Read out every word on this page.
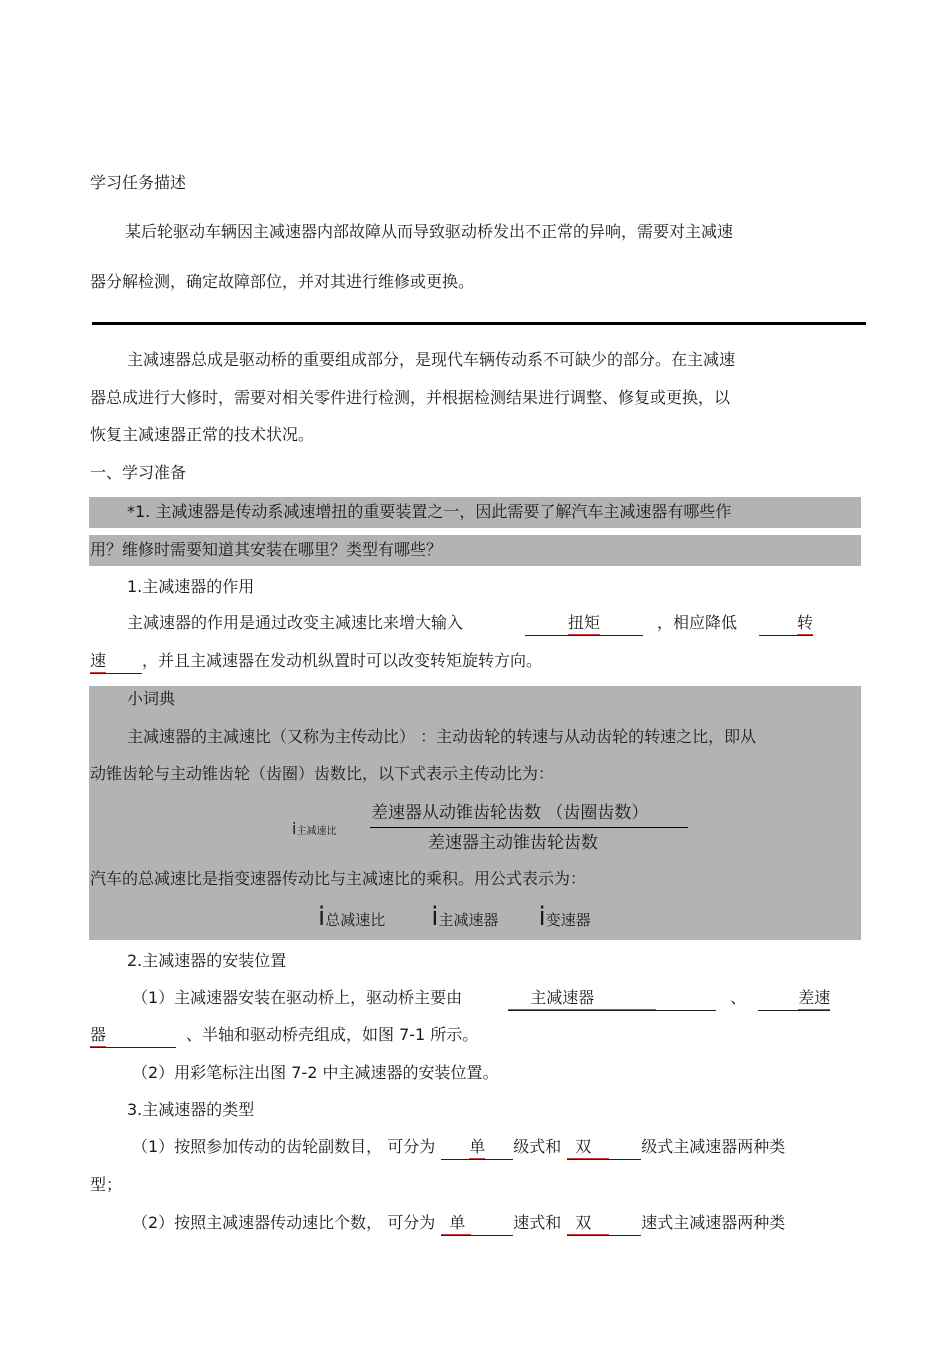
学习任务描述
某后轮驱动车辆因主减速器内部故障从而导致驱动桥发出不正常的异响，需要对主减速
器分解检测，确定故障部位，并对其进行维修或更换。
主减速器总成是驱动桥的重要组成部分，是现代车辆传动系不可缺少的部分。在主减速
器总成进行大修时，需要对相关零件进行检测，并根据检测结果进行调整、修复或更换，以
恢复主减速器正常的技术状况。
一、学习准备
*1. 主减速器是传动系减速增扭的重要装置之一，因此需要了解汽车主减速器有哪些作
用？维修时需要知道其安装在哪里？类型有哪些？
1.主减速器的作用
主减速器的作用是通过改变主减速比来增大输入	扭矩	，相应降低	转
速 ，并且主减速器在发动机纵置时可以改变转矩旋转方向。
小词典
主减速器的主减速比（又称为主传动比） ：主动齿轮的转速与从动齿轮的转速之比，即从
动锥齿轮与主动锥齿轮（齿圈）齿数比，以下式表示主传动比为：
i主减速比
差速器从动锥齿轮齿数 （齿圈齿数）
差速器主动锥齿轮齿数
汽车的总减速比是指变速器传动比与主减速比的乘积。用公式表示为：
i总减速比 i主减速器 i变速器
2.主减速器的安装位置
（1）主减速器安装在驱动桥上，驱动桥主要由	主减速器	、	差速
器	、半轴和驱动桥壳组成，如图 7-1 所示。
（2）用彩笔标注出图 7-2 中主减速器的安装位置。
3.主减速器的类型
（1）按照参加传动的齿轮副数目， 可分为 单 级式和 双	级式主减速器两种类
型；
（2）按照主减速器传动速比个数， 可分为 单	速式和 双	速式主减速器两种类
